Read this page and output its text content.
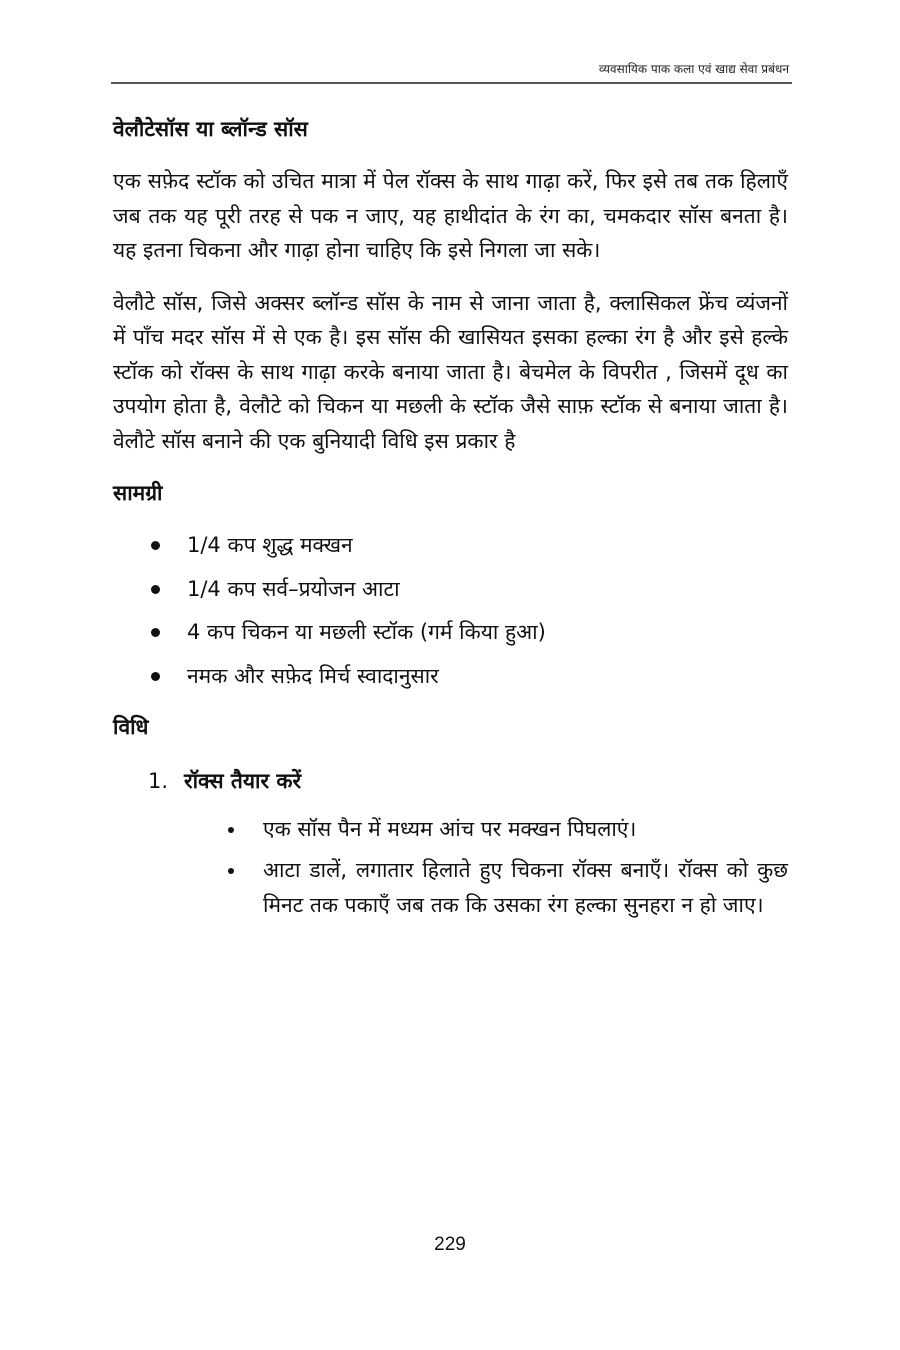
व्यवसायिक पाक कला एवं खाद्य सेवा प्रबंधन
वेलौटेसॉस या ब्लॉन्ड सॉस

एक सफ़ेद स्टॉक को उचित मात्रा में पेल रॉक्स के साथ गाढ़ा करें, फिर इसे तब तक हिलाएँ जब तक यह पूरी तरह से पक न जाए, यह हाथीदांत के रंग का, चमकदार सॉस बनता है। यह इतना चिकना और गाढ़ा होना चाहिए कि इसे निगला जा सके।

वेलौटे सॉस, जिसे अक्सर ब्लॉन्ड सॉस के नाम से जाना जाता है, क्लासिकल फ्रेंच व्यंजनों में पाँच मदर सॉस में से एक है। इस सॉस की खासियत इसका हल्का रंग है और इसे हल्के स्टॉक को रॉक्स के साथ गाढ़ा करके बनाया जाता है। बेचमेल के विपरीत , जिसमें दूध का उपयोग होता है, वेलौटे को चिकन या मछली के स्टॉक जैसे साफ़ स्टॉक से बनाया जाता है। वेलौटे सॉस बनाने की एक बुनियादी विधि इस प्रकार है

सामग्री
1/4 कप शुद्ध मक्खन
1/4 कप सर्व–प्रयोजन आटा
4 कप चिकन या मछली स्टॉक (गर्म किया हुआ)
नमक और सफ़ेद मिर्च स्वादानुसार
विधि
1. रॉक्स तैयार करें
एक सॉस पैन में मध्यम आंच पर मक्खन पिघलाएं।
आटा डालें, लगातार हिलाते हुए चिकना रॉक्स बनाएँ। रॉक्स को कुछ मिनट तक पकाएँ जब तक कि उसका रंग हल्का सुनहरा न हो जाए।
229
